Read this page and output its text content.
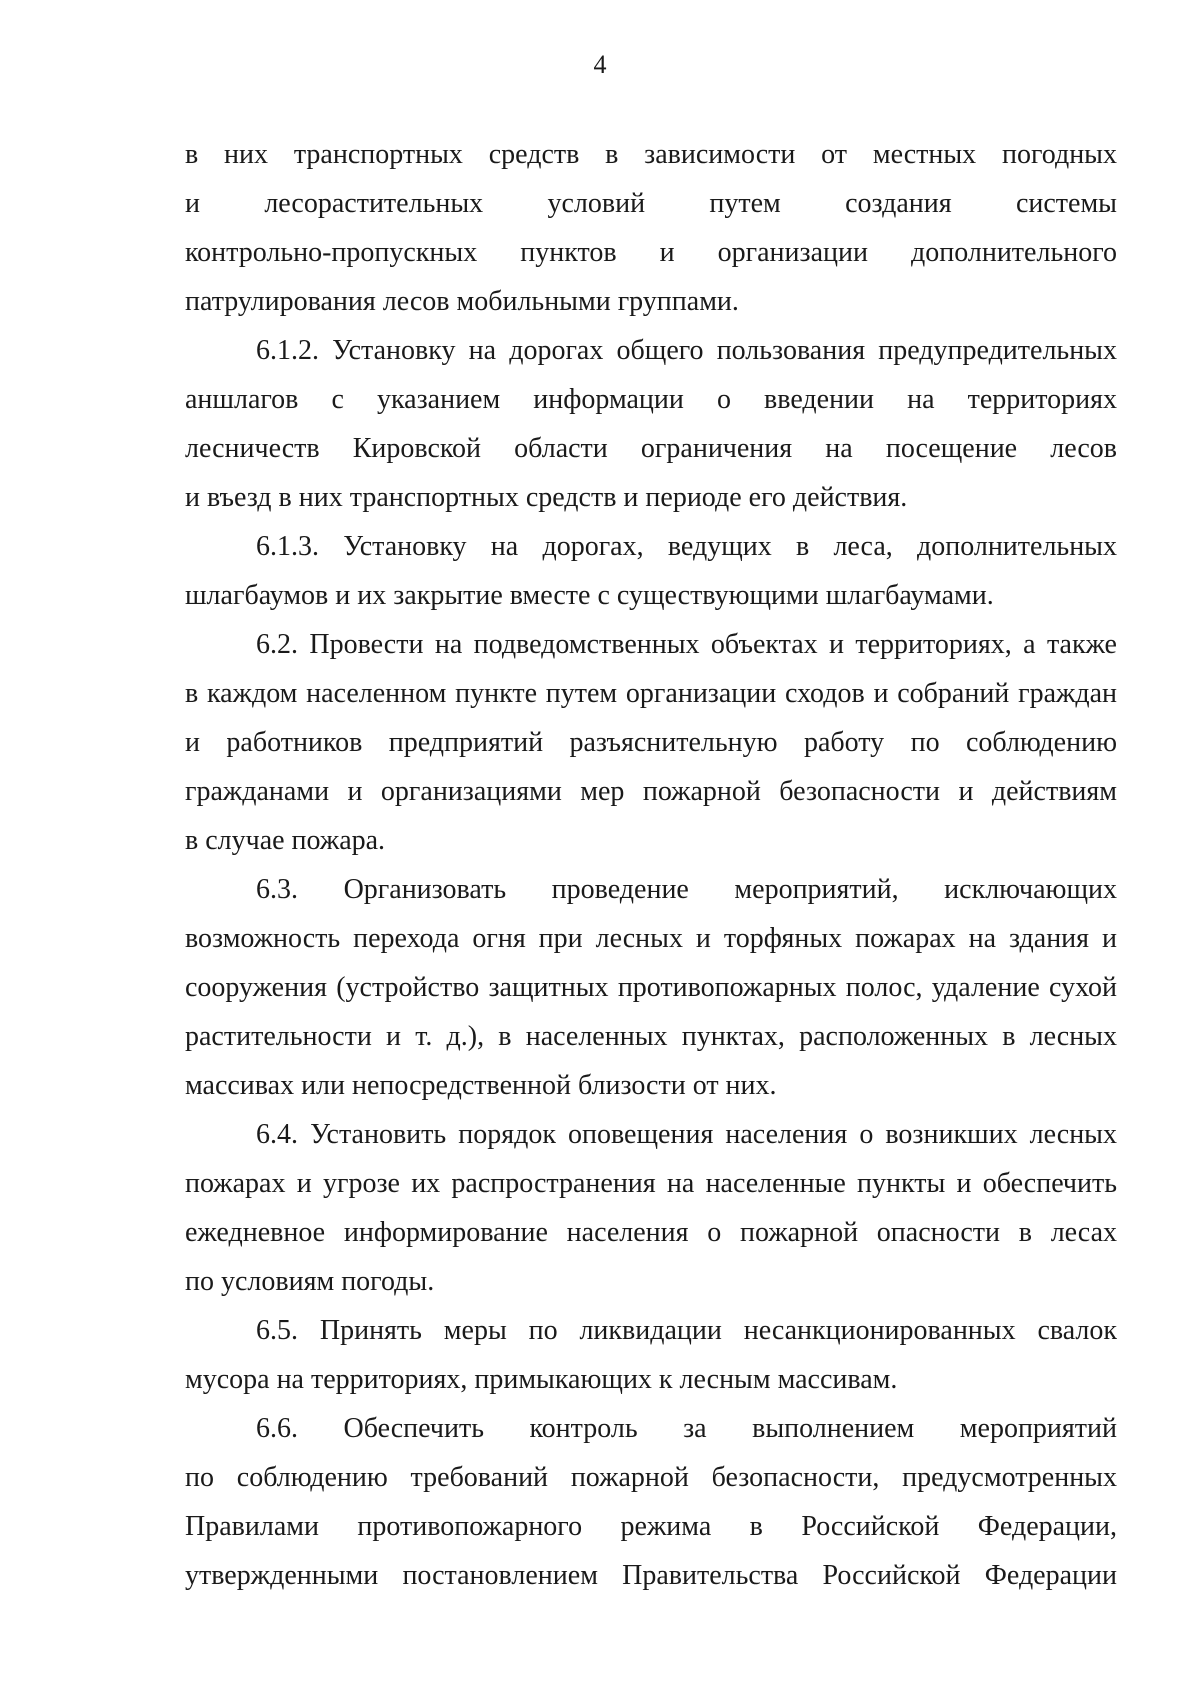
4
в них транспортных средств в зависимости от местных погодных
и лесорастительных условий путем создания системы
контрольно-пропускных пунктов и организации дополнительного
патрулирования лесов мобильными группами.
6.1.2. Установку на дорогах общего пользования предупредительных
аншлагов с указанием информации о введении на территориях
лесничеств Кировской области ограничения на посещение лесов
и въезд в них транспортных средств и периоде его действия.
6.1.3. Установку на дорогах, ведущих в леса, дополнительных
шлагбаумов и их закрытие вместе с существующими шлагбаумами.
6.2. Провести на подведомственных объектах и территориях, а также
в каждом населенном пункте путем организации сходов и собраний граждан
и работников предприятий разъяснительную работу по соблюдению
гражданами и организациями мер пожарной безопасности и действиям
в случае пожара.
6.3. Организовать проведение мероприятий, исключающих
возможность перехода огня при лесных и торфяных пожарах на здания и
сооружения (устройство защитных противопожарных полос, удаление сухой
растительности и т. д.), в населенных пунктах, расположенных в лесных
массивах или непосредственной близости от них.
6.4. Установить порядок оповещения населения о возникших лесных
пожарах и угрозе их распространения на населенные пункты и обеспечить
ежедневное информирование населения о пожарной опасности в лесах
по условиям погоды.
6.5. Принять меры по ликвидации несанкционированных свалок
мусора на территориях, примыкающих к лесным массивам.
6.6. Обеспечить контроль за выполнением мероприятий
по соблюдению требований пожарной безопасности, предусмотренных
Правилами противопожарного режима в Российской Федерации,
утвержденными постановлением Правительства Российской Федерации
